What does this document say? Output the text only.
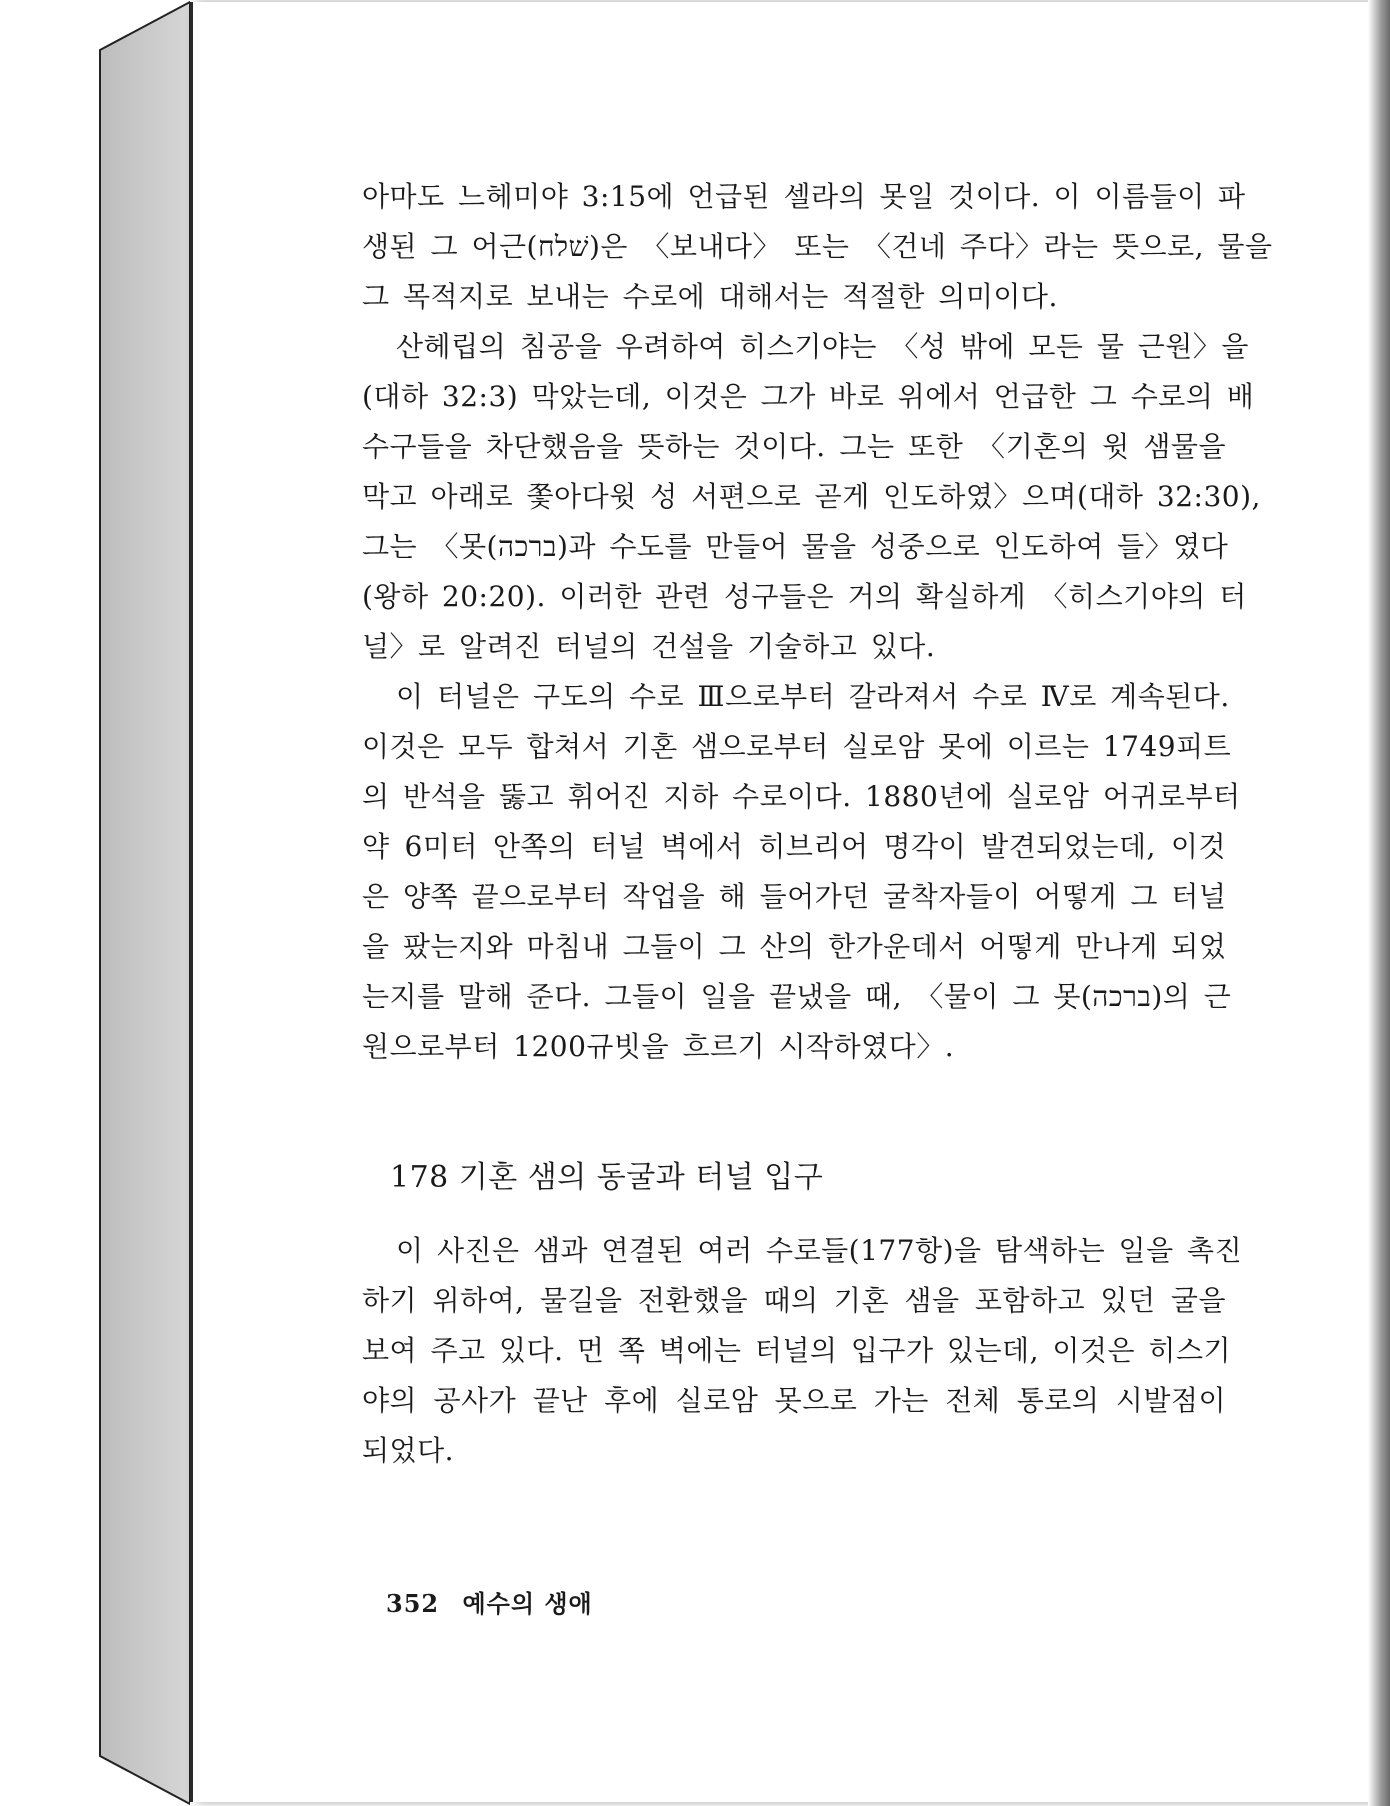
아마도 느헤미야 3:15에 언급된 셀라의 못일 것이다. 이 이름들이 파
생된 그 어근(שׁלח)은 〈보내다〉 또는 〈건네 주다〉라는 뜻으로, 물을
그 목적지로 보내는 수로에 대해서는 적절한 의미이다.

산헤립의 침공을 우려하여 히스기야는 〈성 밖에 모든 물 근원〉을
(대하 32:3) 막았는데, 이것은 그가 바로 위에서 언급한 그 수로의 배
수구들을 차단했음을 뜻하는 것이다. 그는 또한 〈기혼의 윗 샘물을
막고 아래로 쫓아다윗 성 서편으로 곧게 인도하였〉으며(대하 32:30),
그는 〈못(ברכה)과 수도를 만들어 물을 성중으로 인도하여 들〉였다
(왕하 20:20). 이러한 관련 성구들은 거의 확실하게 〈히스기야의 터
널〉로 알려진 터널의 건설을 기술하고 있다.

이 터널은 구도의 수로 Ⅲ으로부터 갈라져서 수로 Ⅳ로 계속된다.
이것은 모두 합쳐서 기혼 샘으로부터 실로암 못에 이르는 1749피트
의 반석을 뚫고 휘어진 지하 수로이다. 1880년에 실로암 어귀로부터
약 6미터 안쪽의 터널 벽에서 히브리어 명각이 발견되었는데, 이것
은 양쪽 끝으로부터 작업을 해 들어가던 굴착자들이 어떻게 그 터널
을 팠는지와 마침내 그들이 그 산의 한가운데서 어떻게 만나게 되었
는지를 말해 준다. 그들이 일을 끝냈을 때, 〈물이 그 못(ברכה)의 근
원으로부터 1200규빗을 흐르기 시작하였다〉.

178 기혼 샘의 동굴과 터널 입구

이 사진은 샘과 연결된 여러 수로들(177항)을 탐색하는 일을 촉진
하기 위하여, 물길을 전환했을 때의 기혼 샘을 포함하고 있던 굴을
보여 주고 있다. 먼 쪽 벽에는 터널의 입구가 있는데, 이것은 히스기
야의 공사가 끝난 후에 실로암 못으로 가는 전체 통로의 시발점이
되었다.

352 예수의 생애
